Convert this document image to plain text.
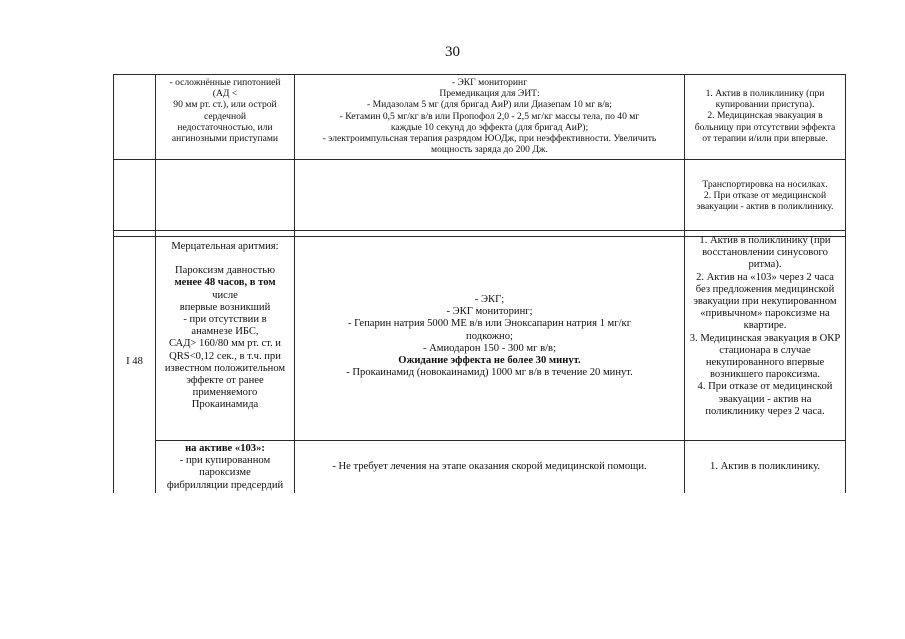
30
- осложнённые гипотонией
(АД <
90 мм рт. ст.), или острой
сердечной
недостаточностью, или
ангинозными приступами
- ЭКГ мониторинг
Премедикация для ЭИТ:
- Мидазолам 5 мг (для бригад АиР) или Диазепам 10 мг в/в;
- Кетамин 0,5 мг/кг в/в или Пропофол 2,0 - 2,5 мг/кг массы тела, по 40 мг
каждые 10 секунд до эффекта (для бригад АиР);
- электроимпульсная терапия разрядом ЮОДж, при неэффективности. Увеличить
мощность заряда до 200 Дж.
1. Актив в поликлинику (при
купировании приступа).
2. Медицинская эвакуация в
больницу при отсутствии эффекта
от терапии и/или при впервые.
Транспортировка на носилках.
2. При отказе от медицинской
эвакуации - актив в поликлинику.
I 48
Мерцательная аритмия:
Пароксизм давностью
менее 48 часов, в том
числе
впервые возникший
- при отсутствии в
анамнезе ИБС,
САД> 160/80 мм рт. ст. и
QRS<0,12 сек., в т.ч. при
известном положительном
эффекте от ранее
применяемого
Прокаинамида
- ЭКГ;
- ЭКГ мониторинг;
- Гепарин натрия 5000 МЕ в/в или Эноксапарин натрия 1 мг/кг
подкожно;
- Амиодарон 150 - 300 мг в/в;
Ожидание эффекта не более 30 минут.
- Прокаинамид (новокаинамид) 1000 мг в/в в течение 20 минут.
1. Актив в поликлинику (при
восстановлении синусового
ритма).
2. Актив на «103» через 2 часа
без предложения медицинской
эвакуации при некупированном
«привычном» пароксизме на
квартире.
3. Медицинская эвакуация в ОКР
стационара в случае
некупированного впервые
возникшего пароксизма.
4. При отказе от медицинской
эвакуации - актив на
поликлинику через 2 часа.
на активе «103»:
- при купированном
пароксизме
фибрилляции предсердий
- Не требует лечения на этапе оказания скорой медицинской помощи.	1. Актив в поликлинику.
